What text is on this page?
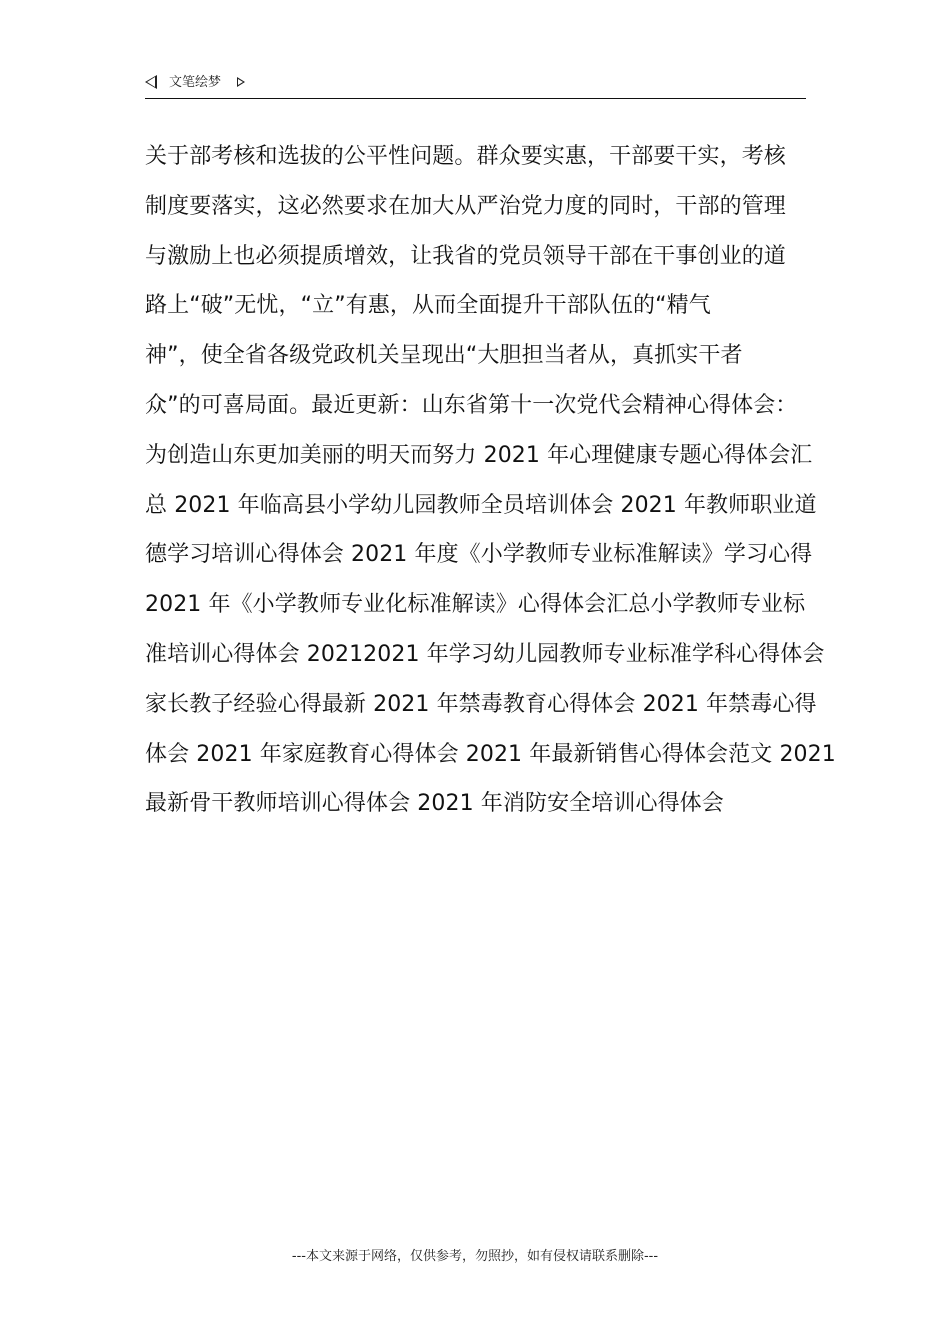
文笔绘梦
关于部考核和选拔的公平性问题。群众要实惠，干部要干实，考核
制度要落实，这必然要求在加大从严治党力度的同时，干部的管理
与激励上也必须提质增效，让我省的党员领导干部在干事创业的道
路上“破”无忧，“立”有惠，从而全面提升干部队伍的“精气
神”，使全省各级党政机关呈现出“大胆担当者从，真抓实干者
众”的可喜局面。最近更新：山东省第十一次党代会精神心得体会：
为创造山东更加美丽的明天而努力 2021 年心理健康专题心得体会汇
总 2021 年临高县小学幼儿园教师全员培训体会 2021 年教师职业道
德学习培训心得体会 2021 年度《小学教师专业标准解读》学习心得
2021 年《小学教师专业化标准解读》心得体会汇总小学教师专业标
准培训心得体会 20212021 年学习幼儿园教师专业标准学科心得体会
家长教子经验心得最新 2021 年禁毒教育心得体会 2021 年禁毒心得
体会 2021 年家庭教育心得体会 2021 年最新销售心得体会范文 2021
最新骨干教师培训心得体会 2021 年消防安全培训心得体会
---本文来源于网络，仅供参考，勿照抄，如有侵权请联系删除---
